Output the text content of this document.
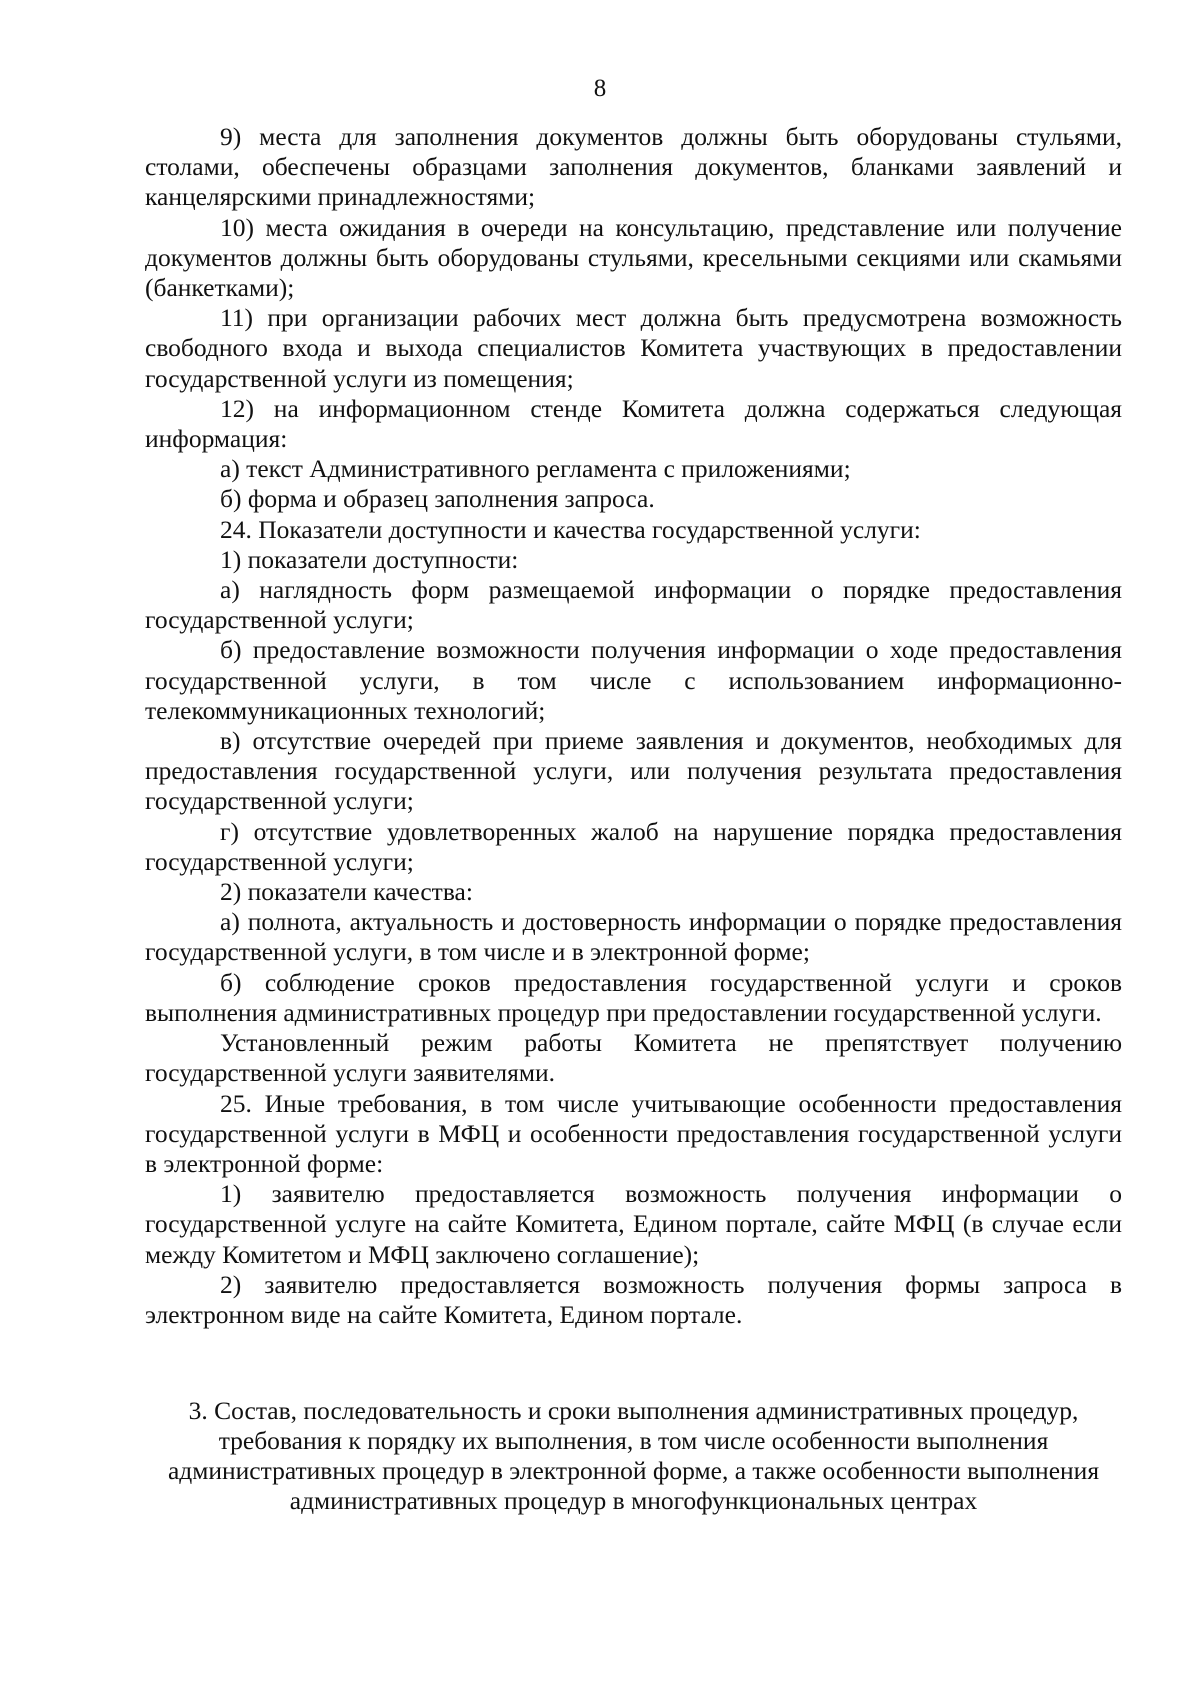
8

9) места для заполнения документов должны быть оборудованы стульями, столами, обеспечены образцами заполнения документов, бланками заявлений и канцелярскими принадлежностями;

10) места ожидания в очереди на консультацию, представление или получение документов должны быть оборудованы стульями, кресельными секциями или скамьями (банкетками);

11) при организации рабочих мест должна быть предусмотрена возможность свободного входа и выхода специалистов Комитета участвующих в предоставлении государственной услуги из помещения;

12) на информационном стенде Комитета должна содержаться следующая информация:

а) текст Административного регламента с приложениями;

б) форма и образец заполнения запроса.

24. Показатели доступности и качества государственной услуги:

1) показатели доступности:

а) наглядность форм размещаемой информации о порядке предоставления государственной услуги;

б) предоставление возможности получения информации о ходе предоставления государственной услуги, в том числе с использованием информационно-телекоммуникационных технологий;

в) отсутствие очередей при приеме заявления и документов, необходимых для предоставления государственной услуги, или получения результата предоставления государственной услуги;

г) отсутствие удовлетворенных жалоб на нарушение порядка предоставления государственной услуги;

2) показатели качества:

а) полнота, актуальность и достоверность информации о порядке предоставления государственной услуги, в том числе и в электронной форме;

б) соблюдение сроков предоставления государственной услуги и сроков выполнения административных процедур при предоставлении государственной услуги.

Установленный режим работы Комитета не препятствует получению государственной услуги заявителями.

25. Иные требования, в том числе учитывающие особенности предоставления государственной услуги в МФЦ и особенности предоставления государственной услуги в электронной форме:

1) заявителю предоставляется возможность получения информации о государственной услуге на сайте Комитета, Едином портале, сайте МФЦ (в случае если между Комитетом и МФЦ заключено соглашение);

2) заявителю предоставляется возможность получения формы запроса в электронном виде на сайте Комитета, Едином портале.

3. Состав, последовательность и сроки выполнения административных процедур, требования к порядку их выполнения, в том числе особенности выполнения административных процедур в электронной форме, а также особенности выполнения административных процедур в многофункциональных центрах
